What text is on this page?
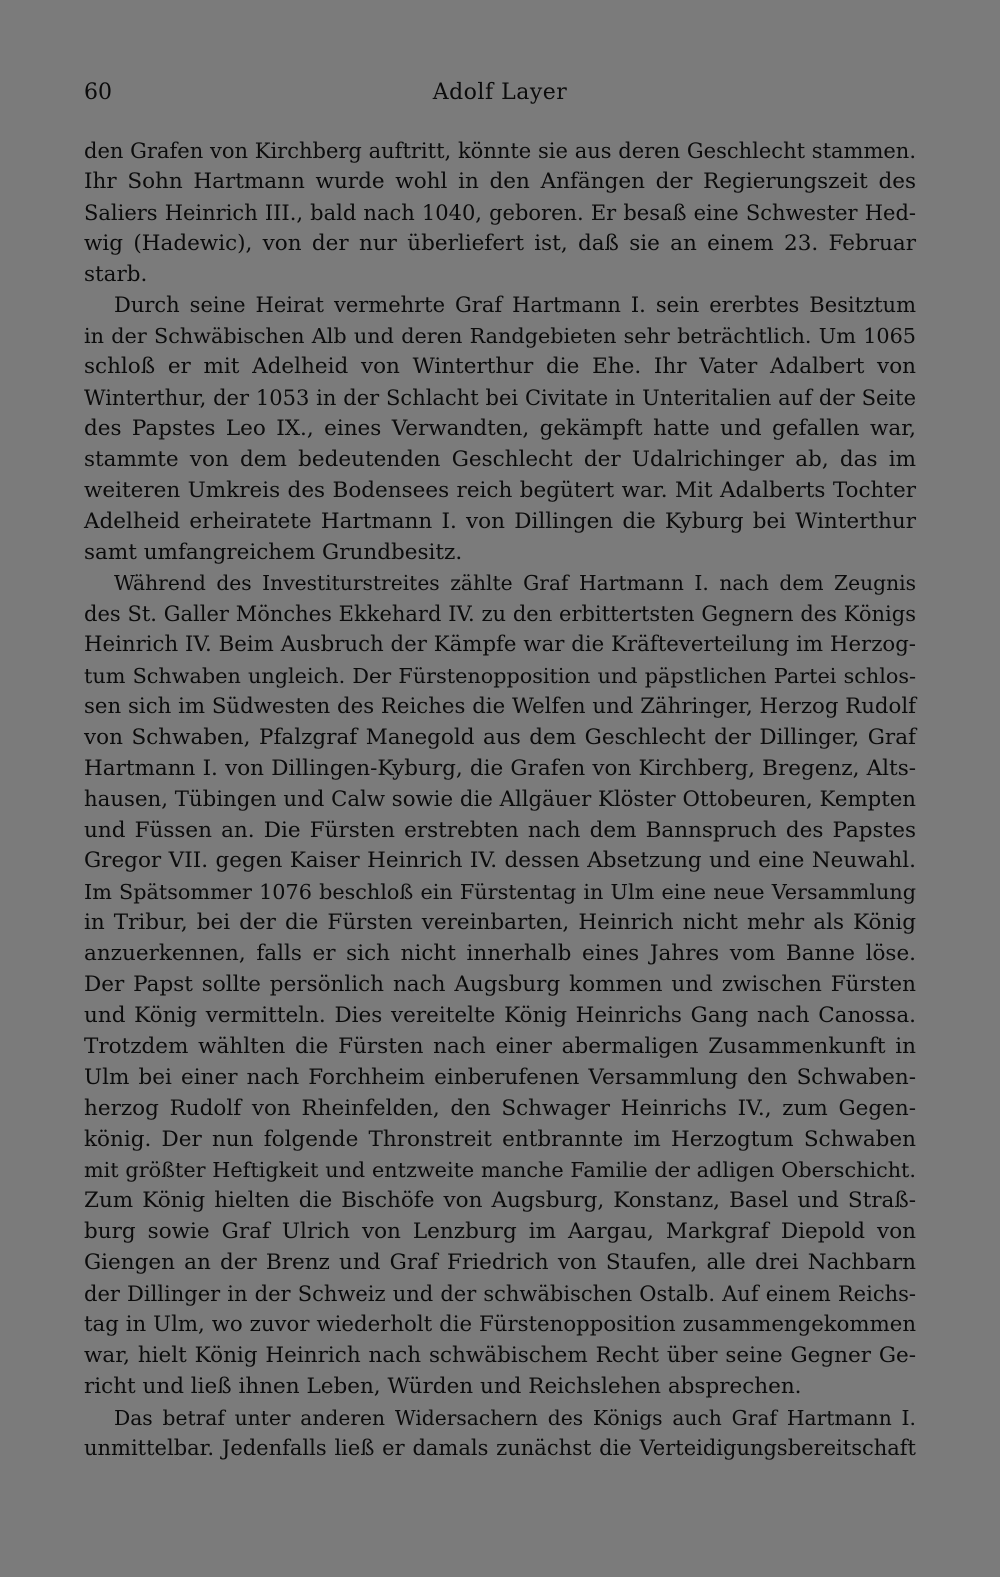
60	Adolf Layer
den Grafen von Kirchberg auftritt, könnte sie aus deren Geschlecht stammen.
Ihr Sohn Hartmann wurde wohl in den Anfängen der Regierungszeit des
Saliers Heinrich III., bald nach 1040, geboren. Er besaß eine Schwester Hed-
wig (Hadewic), von der nur überliefert ist, daß sie an einem 23. Februar
starb.
Durch seine Heirat vermehrte Graf Hartmann I. sein ererbtes Besitztum
in der Schwäbischen Alb und deren Randgebieten sehr beträchtlich. Um 1065
schloß er mit Adelheid von Winterthur die Ehe. Ihr Vater Adalbert von
Winterthur, der 1053 in der Schlacht bei Civitate in Unteritalien auf der Seite
des Papstes Leo IX., eines Verwandten, gekämpft hatte und gefallen war,
stammte von dem bedeutenden Geschlecht der Udalrichinger ab, das im
weiteren Umkreis des Bodensees reich begütert war. Mit Adalberts Tochter
Adelheid erheiratete Hartmann I. von Dillingen die Kyburg bei Winterthur
samt umfangreichem Grundbesitz.
Während des Investiturstreites zählte Graf Hartmann I. nach dem Zeugnis
des St. Galler Mönches Ekkehard IV. zu den erbittertsten Gegnern des Königs
Heinrich IV. Beim Ausbruch der Kämpfe war die Kräfteverteilung im Herzog-
tum Schwaben ungleich. Der Fürstenopposition und päpstlichen Partei schlos-
sen sich im Südwesten des Reiches die Welfen und Zähringer, Herzog Rudolf
von Schwaben, Pfalzgraf Manegold aus dem Geschlecht der Dillinger, Graf
Hartmann I. von Dillingen-Kyburg, die Grafen von Kirchberg, Bregenz, Alts-
hausen, Tübingen und Calw sowie die Allgäuer Klöster Ottobeuren, Kempten
und Füssen an. Die Fürsten erstrebten nach dem Bannspruch des Papstes
Gregor VII. gegen Kaiser Heinrich IV. dessen Absetzung und eine Neuwahl.
Im Spätsommer 1076 beschloß ein Fürstentag in Ulm eine neue Versammlung
in Tribur, bei der die Fürsten vereinbarten, Heinrich nicht mehr als König
anzuerkennen, falls er sich nicht innerhalb eines Jahres vom Banne löse.
Der Papst sollte persönlich nach Augsburg kommen und zwischen Fürsten
und König vermitteln. Dies vereitelte König Heinrichs Gang nach Canossa.
Trotzdem wählten die Fürsten nach einer abermaligen Zusammenkunft in
Ulm bei einer nach Forchheim einberufenen Versammlung den Schwaben-
herzog Rudolf von Rheinfelden, den Schwager Heinrichs IV., zum Gegen-
könig. Der nun folgende Thronstreit entbrannte im Herzogtum Schwaben
mit größter Heftigkeit und entzweite manche Familie der adligen Oberschicht.
Zum König hielten die Bischöfe von Augsburg, Konstanz, Basel und Straß-
burg sowie Graf Ulrich von Lenzburg im Aargau, Markgraf Diepold von
Giengen an der Brenz und Graf Friedrich von Staufen, alle drei Nachbarn
der Dillinger in der Schweiz und der schwäbischen Ostalb. Auf einem Reichs-
tag in Ulm, wo zuvor wiederholt die Fürstenopposition zusammengekommen
war, hielt König Heinrich nach schwäbischem Recht über seine Gegner Ge-
richt und ließ ihnen Leben, Würden und Reichslehen absprechen.
Das betraf unter anderen Widersachern des Königs auch Graf Hartmann I.
unmittelbar. Jedenfalls ließ er damals zunächst die Verteidigungsbereitschaft
